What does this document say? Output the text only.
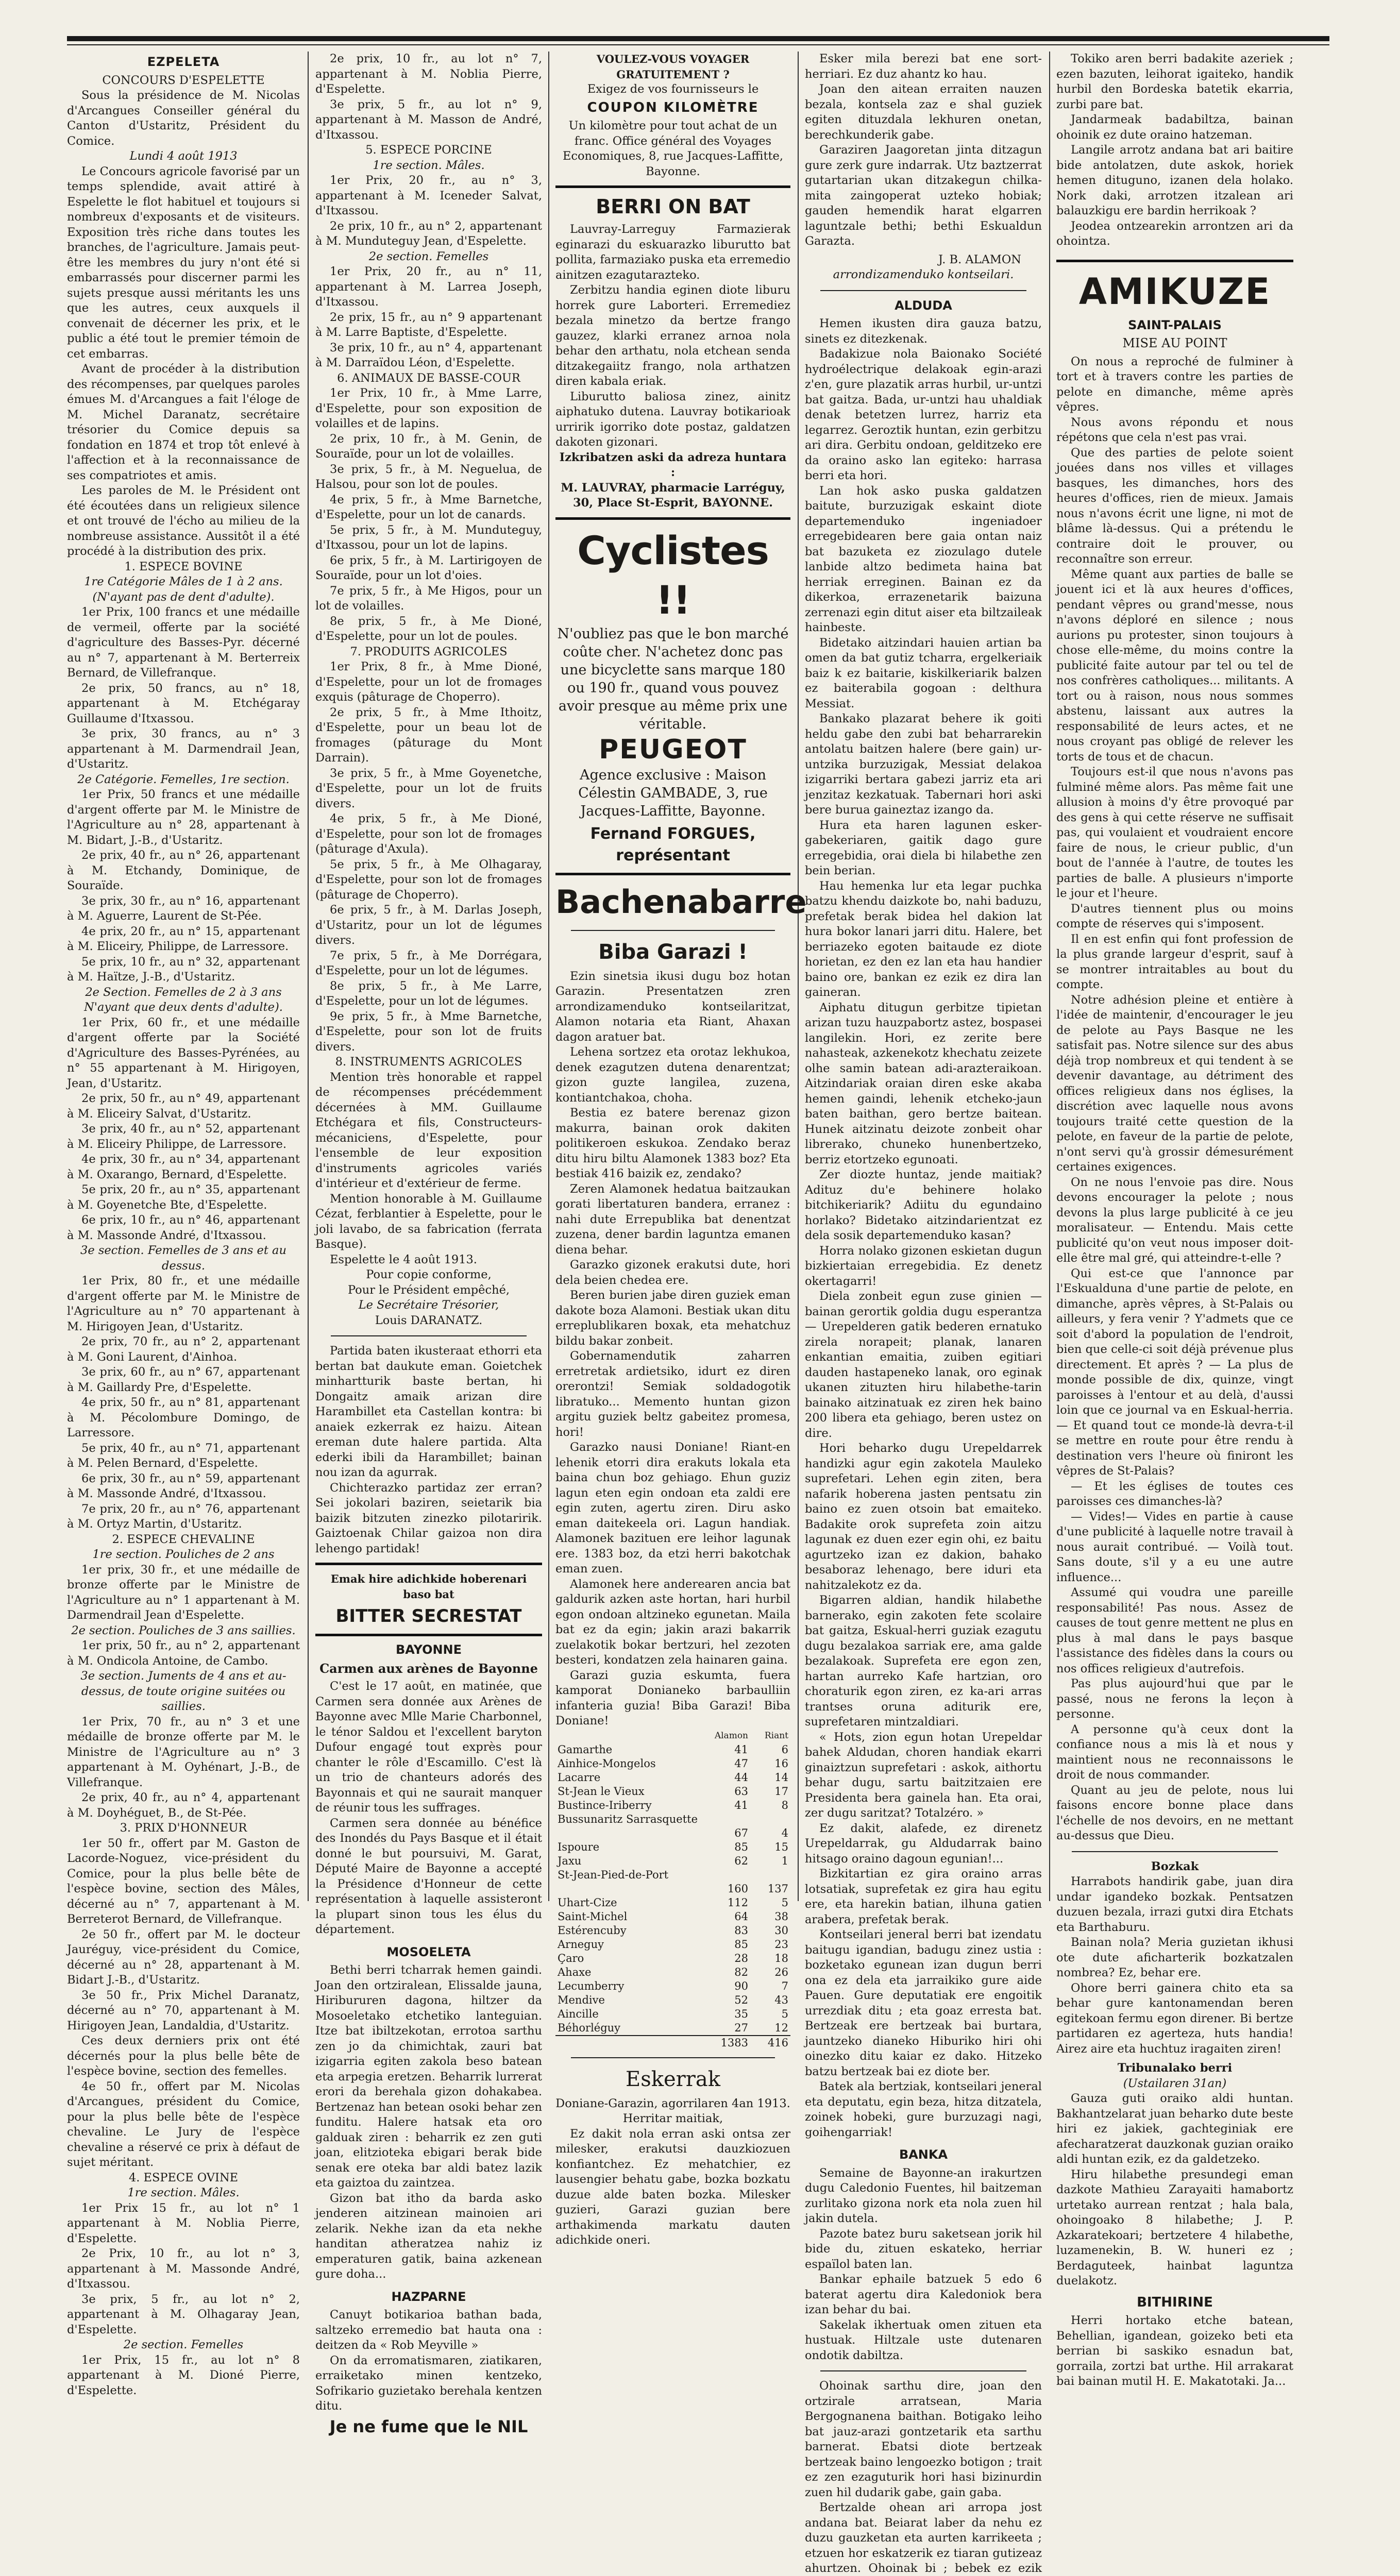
EZPELETA
CONCOURS D'ESPELETTE

Sous la présidence de M. Nicolas d'Arcangues Conseiller général du Canton d'Ustaritz, Président du Comice.

Lundi 4 août 1913

Le Concours agricole favorisé par un temps splendide, avait attiré à Espelette le flot habituel et toujours si nombreux d'exposants et de visiteurs. Exposition très riche dans toutes les branches, de l'agriculture. Jamais peut-être les membres du jury n'ont été si embarrassés pour discerner parmi les sujets presque aussi méritants les uns que les autres, ceux auxquels il convenait de décerner les prix, et le public a été tout le premier témoin de cet embarras.

Avant de procéder à la distribution des récompenses, par quelques paroles émues M. d'Arcangues a fait l'éloge de M. Michel Daranatz, secrétaire trésorier du Comice depuis sa fondation en 1874 et trop tôt enlevé à l'affection et à la reconnaissance de ses compatriotes et amis.

Les paroles de M. le Président ont été écoutées dans un religieux silence et ont trouvé de l'écho au milieu de la nombreuse assistance. Aussitôt il a été procédé à la distribution des prix.

1. ESPECE BOVINE
1re Catégorie Mâles de 1 à 2 ans.
(N'ayant pas de dent d'adulte).

1er Prix, 100 francs et une médaille de vermeil, offerte par la société d'agriculture des Basses-Pyr. décerné au n° 7, appartenant à M. Berterreix Bernard, de Villefranque.

2e prix, 50 francs, au n° 18, appartenant à M. Etchégaray Guillaume d'Itxassou.

3e prix, 30 francs, au n° 3 appartenant à M. Darmendrail Jean, d'Ustaritz.

2e Catégorie. Femelles, 1re section.

1er Prix, 50 francs et une médaille d'argent offerte par M. le Ministre de l'Agriculture au n° 28, appartenant à M. Bidart, J.-B., d'Ustaritz.

2e prix, 40 fr., au n° 26, appartenant à M. Etchandy, Dominique, de Souraïde.

3e prix, 30 fr., au n° 16, appartenant à M. Aguerre, Laurent de St-Pée.

4e prix, 20 fr., au n° 15, appartenant à M. Eliceiry, Philippe, de Larressore.

5e prix, 10 fr., au n° 32, appartenant à M. Haïtze, J.-B., d'Ustaritz.

2e Section. Femelles de 2 à 3 ans
N'ayant que deux dents d'adulte).

1er Prix, 60 fr., et une médaille d'argent offerte par la Société d'Agriculture des Basses-Pyrénées, au n° 55 appartenant à M. Hirigoyen, Jean, d'Ustaritz.

2e prix, 50 fr., au n° 49, appartenant à M. Eliceiry Salvat, d'Ustaritz.

3e prix, 40 fr., au n° 52, appartenant à M. Eliceiry Philippe, de Larressore.

4e prix, 30 fr., au n° 34, appartenant à M. Oxarango, Bernard, d'Espelette.

5e prix, 20 fr., au n° 35, appartenant à M. Goyenetche Bte, d'Espelette.

6e prix, 10 fr., au n° 46, appartenant à M. Massonde André, d'Itxassou.

3e section. Femelles de 3 ans et au dessus.

1er Prix, 80 fr., et une médaille d'argent offerte par M. le Ministre de l'Agriculture au n° 70 appartenant à M. Hirigoyen Jean, d'Ustaritz.

2e prix, 70 fr., au n° 2, appartenant à M. Goni Laurent, d'Ainhoa.

3e prix, 60 fr., au n° 67, appartenant à M. Gaillardy Pre, d'Espelette.

4e prix, 50 fr., au n° 81, appartenant à M. Pécolombure Domingo, de Larressore.

5e prix, 40 fr., au n° 71, appartenant à M. Pelen Bernard, d'Espelette.

6e prix, 30 fr., au n° 59, appartenant à M. Massonde André, d'Itxassou.

7e prix, 20 fr., au n° 76, appartenant à M. Ortyz Martin, d'Ustaritz.

2. ESPECE CHEVALINE
1re section. Pouliches de 2 ans

1er prix, 30 fr., et une médaille de bronze offerte par le Ministre de l'Agriculture au n° 1 appartenant à M. Darmendrail Jean d'Espelette.

2e section. Pouliches de 3 ans saillies.

1er prix, 50 fr., au n° 2, appartenant à M. Ondicola Antoine, de Cambo.

3e section. Juments de 4 ans et au-dessus, de toute origine suitées ou saillies.

1er Prix, 70 fr., au n° 3 et une médaille de bronze offerte par M. le Ministre de l'Agriculture au n° 3 appartenant à M. Oyhénart, J.-B., de Villefranque.

2e prix, 40 fr., au n° 4, appartenant à M. Doyhéguet, B., de St-Pée.

3. PRIX D'HONNEUR

1er 50 fr., offert par M. Gaston de Lacorde-Noguez, vice-président du Comice, pour la plus belle bête de l'espèce bovine, section des Mâles, décerné au n° 7, appartenant à M. Berreterot Bernard, de Villefranque.

2e 50 fr., offert par M. le docteur Jauréguy, vice-président du Comice, décerné au n° 28, appartenant à M. Bidart J.-B., d'Ustaritz.

3e 50 fr., Prix Michel Daranatz, décerné au n° 70, appartenant à M. Hirigoyen Jean, Landaldia, d'Ustaritz.

Ces deux derniers prix ont été décernés pour la plus belle bête de l'espèce bovine, section des femelles.

4e 50 fr., offert par M. Nicolas d'Arcangues, président du Comice, pour la plus belle bête de l'espèce chevaline. Le Jury de l'espèce chevaline a réservé ce prix à défaut de sujet méritant.

4. ESPECE OVINE
1re section. Mâles.

1er Prix 15 fr., au lot n° 1 appartenant à M. Noblia Pierre, d'Espelette.

2e Prix, 10 fr., au lot n° 3, appartenant à M. Massonde André, d'Itxassou.

3e prix, 5 fr., au lot n° 2, appartenant à M. Olhagaray Jean, d'Espelette.

2e section. Femelles

1er Prix, 15 fr., au lot n° 8 appartenant à M. Dioné Pierre, d'Espelette.

2e prix, 10 fr., au lot n° 7, appartenant à M. Noblia Pierre, d'Espelette.

3e prix, 5 fr., au lot n° 9, appartenant à M. Masson de André, d'Itxassou.

5. ESPECE PORCINE
1re section. Mâles.

1er Prix, 20 fr., au n° 3, appartenant à M. Iceneder Salvat, d'Itxassou.

2e prix, 10 fr., au n° 2, appartenant à M. Munduteguy Jean, d'Espelette.

2e section. Femelles

1er Prix, 20 fr., au n° 11, appartenant à M. Larrea Joseph, d'Itxassou.

2e prix, 15 fr., au n° 9 appartenant à M. Larre Baptiste, d'Espelette.

3e prix, 10 fr., au n° 4, appartenant à M. Darraïdou Léon, d'Espelette.

6. ANIMAUX DE BASSE-COUR

1er Prix, 10 fr., à Mme Larre, d'Espelette, pour son exposition de volailles et de lapins.

2e prix, 10 fr., à M. Genin, de Souraïde, pour un lot de volailles.

3e prix, 5 fr., à M. Neguelua, de Halsou, pour son lot de poules.

4e prix, 5 fr., à Mme Barnetche, d'Espelette, pour un lot de canards.

5e prix, 5 fr., à M. Munduteguy, d'Itxassou, pour un lot de lapins.

6e prix, 5 fr., à M. Lartirigoyen de Souraïde, pour un lot d'oies.

7e prix, 5 fr., à Me Higos, pour un lot de volailles.

8e prix, 5 fr., à Me Dioné, d'Espelette, pour un lot de poules.

7. PRODUITS AGRICOLES

1er Prix, 8 fr., à Mme Dioné, d'Espelette, pour un lot de fromages exquis (pâturage de Choperro).

2e prix, 5 fr., à Mme Ithoitz, d'Espelette, pour un beau lot de fromages (pâturage du Mont Darrain).

3e prix, 5 fr., à Mme Goyenetche, d'Espelette, pour un lot de fruits divers.

4e prix, 5 fr., à Me Dioné, d'Espelette, pour son lot de fromages (pâturage d'Axula).

5e prix, 5 fr., à Me Olhagaray, d'Espelette, pour son lot de fromages (pâturage de Choperro).

6e prix, 5 fr., à M. Darlas Joseph, d'Ustaritz, pour un lot de légumes divers.

7e prix, 5 fr., à Me Dorrégara, d'Espelette, pour un lot de légumes.

8e prix, 5 fr., à Me Larre, d'Espelette, pour un lot de légumes.

9e prix, 5 fr., à Mme Barnetche, d'Espelette, pour son lot de fruits divers.

8. INSTRUMENTS AGRICOLES

Mention très honorable et rappel de récompenses précédemment décernées à MM. Guillaume Etchégara et fils, Constructeurs-mécaniciens, d'Espelette, pour l'ensemble de leur exposition d'instruments agricoles variés d'intérieur et d'extérieur de ferme.

Mention honorable à M. Guillaume Cézat, ferblantier à Espelette, pour le joli lavabo, de sa fabrication (ferrata Basque).

Espelette le 4 août 1913.

Pour copie conforme,
Pour le Président empêché,
Le Secrétaire Trésorier,
Louis DARANATZ.

Partida baten ikusteraat ethorri eta bertan bat daukute eman. Goietchek minhartturik baste bertan, hi Dongaitz amaik arizan dire Harambillet eta Castellan kontra: bi anaiek ezkerrak ez haizu. Aitean ereman dute halere partida. Alta ederki ibili da Harambillet; bainan nou izan da agurrak.

Chichterazko partidaz zer erran? Sei jokolari baziren, seietarik bia baizik bitzuten zinezko pilotaririk. Gaiztoenak Chilar gaizoa non dira lehengo partidak!

Emak hire adichkide hoberenari baso bat
BITTER SECRESTAT
BAYONNE
Carmen aux arènes de Bayonne

C'est le 17 août, en matinée, que Carmen sera donnée aux Arènes de Bayonne avec Mlle Marie Charbonnel, le ténor Saldou et l'excellent baryton Dufour engagé tout exprès pour chanter le rôle d'Escamillo. C'est là un trio de chanteurs adorés des Bayonnais et qui ne saurait manquer de réunir tous les suffrages.

Carmen sera donnée au bénéfice des Inondés du Pays Basque et il était donné le but poursuivi, M. Garat, Député Maire de Bayonne a accepté la Présidence d'Honneur de cette représentation à laquelle assisteront la plupart sinon tous les élus du département.

MOSOELETA

Bethi berri tcharrak hemen gaindi. Joan den ortziralean, Elissalde jauna, Hiribururen dagona, hiltzer da Mosoeletako etchetiko lanteguian. Itze bat ibiltzekotan, errotoa sarthu zen jo da chimichtak, zauri bat izigarria egiten zakola beso batean eta arpegia eretzen. Beharrik lurrerat erori da berehala gizon dohakabea. Bertzenaz han betean osoki behar zen funditu. Halere hatsak eta oro galduak ziren : beharrik ez zen guti joan, elitzioteka ebigari berak bide senak ere oteka bar aldi batez lazik eta gaiztoa du zaintzea.

Gizon bat itho da barda asko jenderen aitzinean mainoien ari zelarik. Nekhe izan da eta nekhe handitan atheratzea nahiz iz emperaturen gatik, baina azkenean gure doha...

HAZPARNE

Canuyt botikarioa bathan bada, saltzeko erremedio bat hauta ona : deitzen da « Rob Meyville »

On da erromatismaren, ziatikaren, erraiketako minen kentzeko, Sofrikario guzietako berehala kentzen ditu.

Je ne fume que le NIL
VOULEZ-VOUS VOYAGER GRATUITEMENT ?
Exigez de vos fournisseurs le
COUPON KILOMÈTRE

Un kilomètre pour tout achat de un franc. Office général des Voyages Economiques, 8, rue Jacques-Laffitte, Bayonne.

BERRI ON BAT

Lauvray-Larreguy Farmazierak eginarazi du eskuarazko liburutto bat pollita, farmaziako puska eta erremedio ainitzen ezagutarazteko.

Zerbitzu handia eginen diote liburu horrek gure Laborteri. Erremediez bezala minetzo da bertze frango gauzez, klarki erranez arnoa nola behar den arthatu, nola etchean senda ditzakegaiitz frango, nola arthatzen diren kabala eriak.

Liburutto baliosa zinez, ainitz aiphatuko dutena. Lauvray botikarioak urririk igorriko dote postaz, galdatzen dakoten gizonari.

Izkribatzen aski da adreza huntara :

M. LAUVRAY, pharmacie Larréguy, 30, Place St-Esprit, BAYONNE.

Cyclistes !!

N'oubliez pas que le bon marché coûte cher. N'achetez donc pas une bicyclette sans marque 180 ou 190 fr., quand vous pouvez avoir presque au même prix une véritable.

PEUGEOT

Agence exclusive : Maison Célestin GAMBADE, 3, rue Jacques-Laffitte, Bayonne.

Fernand FORGUES, représentant
Bachenabarre
Biba Garazi !

Ezin sinetsia ikusi dugu boz hotan Garazin. Presentatzen zren arrondizamenduko kontseilaritzat, Alamon notaria eta Riant, Ahaxan dagon aratuer bat.

Lehena sortzez eta orotaz lekhukoa, denek ezagutzen dutena denarentzat; gizon guzte langilea, zuzena, kontiantchakoa, choha.

Bestia ez batere berenaz gizon makurra, bainan orok dakiten politikeroen eskukoa. Zendako beraz ditu hiru biltu Alamonek 1383 boz? Eta bestiak 416 baizik ez, zendako?

Zeren Alamonek hedatua baitzaukan gorati libertaturen bandera, erranez : nahi dute Errepublika bat denentzat zuzena, dener bardin laguntza emanen diena behar.

Garazko gizonek erakutsi dute, hori dela beien chedea ere.

Beren burien jabe diren guziek eman dakote boza Alamoni. Bestiak ukan ditu erreplublikaren boxak, eta mehatchuz bildu bakar zonbeit.

Gobernamendutik zaharren erretretak ardietsiko, idurt ez diren orerontzi! Semiak soldadogotik libratuko... Memento huntan gizon argitu guziek beltz gabeitez promesa, hori!

Garazko nausi Doniane! Riant-en lehenik etorri dira erakuts lokala eta baina chun boz gehiago. Ehun guziz lagun eten egin ondoan eta zaldi ere egin zuten, agertu ziren. Diru asko eman daitekeela ori. Lagun handiak. Alamonek bazituen ere leihor lagunak ere. 1383 boz, da etzi herri bakotchak eman zuen.

Alamonek here anderearen ancia bat galdurik azken aste hortan, hari hurbil egon ondoan altzineko egunetan. Maila bat ez da egin; jakin arazi bakarrik zuelakotik bokar bertzuri, hel zezoten besteri, kondatzen zela hainaren gaina.

Garazi guzia eskumta, fuera kamporat Donianeko barbaulliin infanteria guzia! Biba Garazi! Biba Doniane!

	Alamon	Riant
Gamarthe	41	6
Ainhice-Mongelos	47	16
Lacarre	44	14
St-Jean le Vieux	63	17
Bustince-Iriberry	41	8
Bussunaritz Sarrasquette		
	67	4
Ispoure	85	15
Jaxu	62	1
St-Jean-Pied-de-Port		
	160	137
Uhart-Cize	112	5
Saint-Michel	64	38
Estérencuby	83	30
Arneguy	85	23
Çaro	28	18
Ahaxe	82	26
Lecumberry	90	7
Mendive	52	43
Aincille	35	5
Béhorléguy	27	12
	1383	416
Eskerrak
Doniane-Garazin, agorrilaren 4an 1913.
Herritar maitiak,

Ez dakit nola erran aski ontsa zer milesker, erakutsi dauzkiozuen konfiantchez. Ez mehatchier, ez lausengier behatu gabe, bozka bozkatu duzue alde baten bozka. Milesker guzieri, Garazi guzian bere arthakimenda markatu dauten adichkide oneri.

Esker mila berezi bat ene sort-herriari. Ez duz ahantz ko hau.

Joan den aitean erraiten nauzen bezala, kontsela zaz e shal guziek egiten dituzdala lekhuren onetan, berechkunderik gabe.

Garaziren Jaagoretan jinta ditzagun gure zerk gure indarrak. Utz baztzerrat gutartarian ukan ditzakegun chilka-mita zaingoperat uzteko hobiak; gauden hemendik harat elgarren laguntzale bethi; bethi Eskualdun Garazta.

J. B. ALAMON
arrondizamenduko kontseilari.
ALDUDA

Hemen ikusten dira gauza batzu, sinets ez ditezkenak.

Badakizue nola Baionako Société hydroélectrique delakoak egin-arazi z'en, gure plazatik arras hurbil, ur-untzi bat gaitza. Bada, ur-untzi hau uhaldiak denak betetzen lurrez, harriz eta legarrez. Geroztik huntan, ezin gerbitzu ari dira. Gerbitu ondoan, gelditzeko ere da oraino asko lan egiteko: harrasa berri eta hori.

Lan hok asko puska galdatzen baitute, burzuzigak eskaint diote departemenduko ingeniadoer erregebidearen bere gaia ontan naiz bat bazuketa ez ziozulago dutele lanbide altzo bedimeta haina bat herriak erreginen. Bainan ez da dikerkoa, errazenetarik baizuna zerrenazi egin ditut aiser eta biltzaileak hainbeste.

Bidetako aitzindari hauien artian ba omen da bat gutiz tcharra, ergelkeriaik baiz k ez baitarie, kiskilkeriarik balzen ez baiterabila gogoan : delthura Messiat.

Bankako plazarat behere ik goiti heldu gabe den zubi bat beharrarekin antolatu baitzen halere (bere gain) ur-untzika burzuzigak, Messiat delakoa izigarriki bertara gabezi jarriz eta ari jenzitaz kezkatuak. Tabernari hori aski bere burua gaineztaz izango da.

Hura eta haren lagunen esker-gabekeriaren, gaitik dago gure erregebidia, orai diela bi hilabethe zen bein berian.

Hau hemenka lur eta legar puchka batzu khendu daizkote bo, nahi baduzu, prefetak berak bidea hel dakion lat hura bokor lanari jarri ditu. Halere, bet berriazeko egoten baitaude ez diote horietan, ez den ez lan eta hau handier baino ore, bankan ez ezik ez dira lan gaineran.

Aiphatu ditugun gerbitze tipietan arizan tuzu hauzpabortz astez, bospasei langilekin. Hori, ez zerite bere nahasteak, azkenekotz khechatu zeizete olhe samin batean adi-arazteraikoan. Aitzindariak oraian diren eske akaba hemen gaindi, lehenik etcheko-jaun baten baithan, gero bertze baitean. Hunek aitzinatu deizote zonbeit ohar librerako, chuneko hunenbertzeko, berriz etortzeko egunoati.

Zer diozte huntaz, jende maitiak? Adituz du'e behinere holako bitchikeriarik? Adiitu du egundaino horlako? Bidetako aitzindarientzat ez dela sosik departemenduko kasan?

Horra nolako gizonen eskietan dugun bizkiertaian erregebidia. Ez denetz okertagarri!

Diela zonbeit egun zuse ginien — bainan gerortik goldia dugu esperantza — Urepelderen gatik bederen ernatuko zirela norapeit; planak, lanaren enkantian emaitia, zuiben egitiari dauden hastapeneko lanak, oro eginak ukanen zituzten hiru hilabethe-tarin bainako aitzinatuak ez ziren hek baino 200 libera eta gehiago, beren ustez on dire.

Hori beharko dugu Urepeldarrek handizki agur egin zakotela Mauleko suprefetari. Lehen egin ziten, bera nafarik hoberena jasten pentsatu zin baino ez zuen otsoin bat emaiteko. Badakite orok suprefeta zoin aitzu lagunak ez duen ezer egin ohi, ez baitu agurtzeko izan ez dakion, bahako besaboraz lehenago, bere iduri eta nahitzalekotz ez da.

Bigarren aldian, handik hilabethe barnerako, egin zakoten fete scolaire bat gaitza, Eskual-herri guziak ezagutu dugu bezalakoa sarriak ere, ama galde bezalakoak. Suprefeta ere egon zen, hartan aurreko Kafe hartzian, oro choraturik egon ziren, ez ka-ari arras trantses oruna aditurik ere, suprefetaren mintzaldiari.

« Hots, zion egun hotan Urepeldar bahek Aldudan, choren handiak ekarri ginaiztzun suprefetari : askok, aithortu behar dugu, sartu baitzitzaien ere Presidenta bera gainela han. Eta orai, zer dugu saritzat? Totalzéro. »

Ez dakit, alafede, ez direnetz Urepeldarrak, gu Aldudarrak baino hitsago oraino dagoun egunian!...

Bizkitartian ez gira oraino arras lotsatiak, suprefetak ez gira hau egitu ere, eta harekin batian, ilhuna gatien arabera, prefetak berak.

Kontseilari jeneral berri bat izendatu baitugu igandian, badugu zinez ustia : bozketako egunean izan dugun berri ona ez dela eta jarraikiko gure aide Pauen. Gure deputatiak ere engoitik urrezdiak ditu ; eta goaz erresta bat. Bertzeak ere bertzeak bai burtara, jauntzeko dianeko Hiburiko hiri ohi oinezko ditu kaiar ez dako. Hitzeko batzu bertzeak bai ez diote ber.

Batek ala bertziak, kontseilari jeneral eta deputatu, egin beza, hitza ditzatela, zoinek hobeki, gure burzuzagi nagi, goihengarriak!

BANKA

Semaine de Bayonne-an irakurtzen dugu Caledonio Fuentes, hil baitzeman zurlitako gizona nork eta nola zuen hil jakin dutela.

Pazote batez buru saketsean jorik hil bide du, zituen eskateko, herriar espaïlol baten lan.

Bankar ephaile batzuek 5 edo 6 baterat agertu dira Kaledoniok bera izan behar du bai.

Sakelak ikhertuak omen zituen eta hustuak. Hiltzale uste dutenaren ondotik dabiltza.

Ohoinak sarthu dire, joan den ortzirale arratsean, Maria Bergognanena baithan. Botigako leiho bat jauz-arazi gontzetarik eta sarthu barnerat. Ebatsi diote bertzeak bertzeak baino lengoezko botigon ; trait ez zen ezaguturik hori hasi bizinurdin zuen hil dudarik gabe, gain gaba.

Bertzalde ohean ari arropa jost andana bat. Beiarat laber da nehu ez duzu gauzketan eta aurten karrikeeta ; etzuen hor eskatzerik ez tiaran gutizeaz ahurtzen. Ohoinak bi ; bebek ez ezik

Tokiko aren berri badakite azeriek ; ezen bazuten, leihorat igaiteko, handik hurbil den Bordeska batetik ekarria, zurbi pare bat.

Jandarmeak badabiltza, bainan ohoinik ez dute oraino hatzeman.

Langile arrotz andana bat ari baitire bide antolatzen, dute askok, horiek hemen dituguno, izanen dela holako. Nork daki, arrotzen itzalean ari balauzkigu ere bardin herrikoak ?

Jeodea ontzearekin arrontzen ari da ohointza.

AMIKUZE
SAINT-PALAIS
MISE AU POINT

On nous a reproché de fulminer à tort et à travers contre les parties de pelote en dimanche, même après vêpres.

Nous avons répondu et nous répétons que cela n'est pas vrai.

Que des parties de pelote soient jouées dans nos villes et villages basques, les dimanches, hors des heures d'offices, rien de mieux. Jamais nous n'avons écrit une ligne, ni mot de blâme là-dessus. Qui a prétendu le contraire doit le prouver, ou reconnaître son erreur.

Même quant aux parties de balle se jouent ici et là aux heures d'offices, pendant vêpres ou grand'messe, nous n'avons déploré en silence ; nous aurions pu protester, sinon toujours à chose elle-même, du moins contre la publicité faite autour par tel ou tel de nos confrères catholiques... militants. A tort ou à raison, nous nous sommes abstenu, laissant aux autres la responsabilité de leurs actes, et ne nous croyant pas obligé de relever les torts de tous et de chacun.

Toujours est-il que nous n'avons pas fulminé même alors. Pas même fait une allusion à moins d'y être provoqué par des gens à qui cette réserve ne suffisait pas, qui voulaient et voudraient encore faire de nous, le crieur public, d'un bout de l'année à l'autre, de toutes les parties de balle. A plusieurs n'importe le jour et l'heure.

D'autres tiennent plus ou moins compte de réserves qui s'imposent.

Il en est enfin qui font profession de la plus grande largeur d'esprit, sauf à se montrer intraitables au bout du compte.

Notre adhésion pleine et entière à l'idée de maintenir, d'encourager le jeu de pelote au Pays Basque ne les satisfait pas. Notre silence sur des abus déjà trop nombreux et qui tendent à se devenir davantage, au détriment des offices religieux dans nos églises, la discrétion avec laquelle nous avons toujours traité cette question de la pelote, en faveur de la partie de pelote, n'ont servi qu'à grossir démesurément certaines exigences.

On ne nous l'envoie pas dire. Nous devons encourager la pelote ; nous devons la plus large publicité à ce jeu moralisateur. — Entendu. Mais cette publicité qu'on veut nous imposer doit-elle être mal gré, qui atteindre-t-elle ?

Qui est-ce que l'annonce par l'Eskualduna d'une partie de pelote, en dimanche, après vêpres, à St-Palais ou ailleurs, y fera venir ? Y'admets que ce soit d'abord la population de l'endroit, bien que celle-ci soit déjà prévenue plus directement. Et après ? — La plus de monde possible de dix, quinze, vingt paroisses à l'entour et au delà, d'aussi loin que ce journal va en Eskual-herria. — Et quand tout ce monde-là devra-t-il se mettre en route pour être rendu à destination vers l'heure où finiront les vêpres de St-Palais?

— Et les églises de toutes ces paroisses ces dimanches-là?

— Vides!— Vides en partie à cause d'une publicité à laquelle notre travail à nous aurait contribué. — Voilà tout. Sans doute, s'il y a eu une autre influence...

Assumé qui voudra une pareille responsabilité! Pas nous. Assez de causes de tout genre mettent ne plus en plus à mal dans le pays basque l'assistance des fidèles dans la cours ou nos offices religieux d'autrefois.

Pas plus aujourd'hui que par le passé, nous ne ferons la leçon à personne.

A personne qu'à ceux dont la confiance nous a mis là et nous y maintient nous ne reconnaissons le droit de nous commander.

Quant au jeu de pelote, nous lui faisons encore bonne place dans l'échelle de nos devoirs, en ne mettant au-dessus que Dieu.

Bozkak

Harrabots handirik gabe, juan dira undar igandeko bozkak. Pentsatzen duzuen bezala, irrazi gutxi dira Etchats eta Barthaburu.

Bainan nola? Meria guzietan ikhusi ote dute aficharterik bozkatzalen nombrea? Ez, behar ere.

Ohore berri gainera chito eta sa behar gure kantonamendan beren egitekoan fermu egon direner. Bi bertze partidaren ez agerteza, huts handia! Airez aire eta huchtuz iragaiten ziren!

Tribunalako berri
(Ustailaren 31an)

Gauza guti oraiko aldi huntan. Bakhantzelarat juan beharko dute beste hiri ez jakiek, gachteginiak ere afecharatzerat dauzkonak guzian oraiko aldi huntan ezik, ez da galdetzeko.

Hiru hilabethe presundegi eman dazkote Mathieu Zarayaiti hamabortz urtetako aurrean rentzat ; hala bala, ohoingoako 8 hilabethe; J. P. Azkaratekoari; bertzetere 4 hilabethe, luzamenekin, B. W. huneri ez ; Berdaguteek, hainbat laguntza duelakotz.

BITHIRINE

Herri hortako etche batean, Behellian, igandean, goizeko beti eta berrian bi saskiko esnadun bat, gorraila, zortzi bat urthe. Hil arrakarat bai bainan mutil H. E. Makatotaki. Ja...
